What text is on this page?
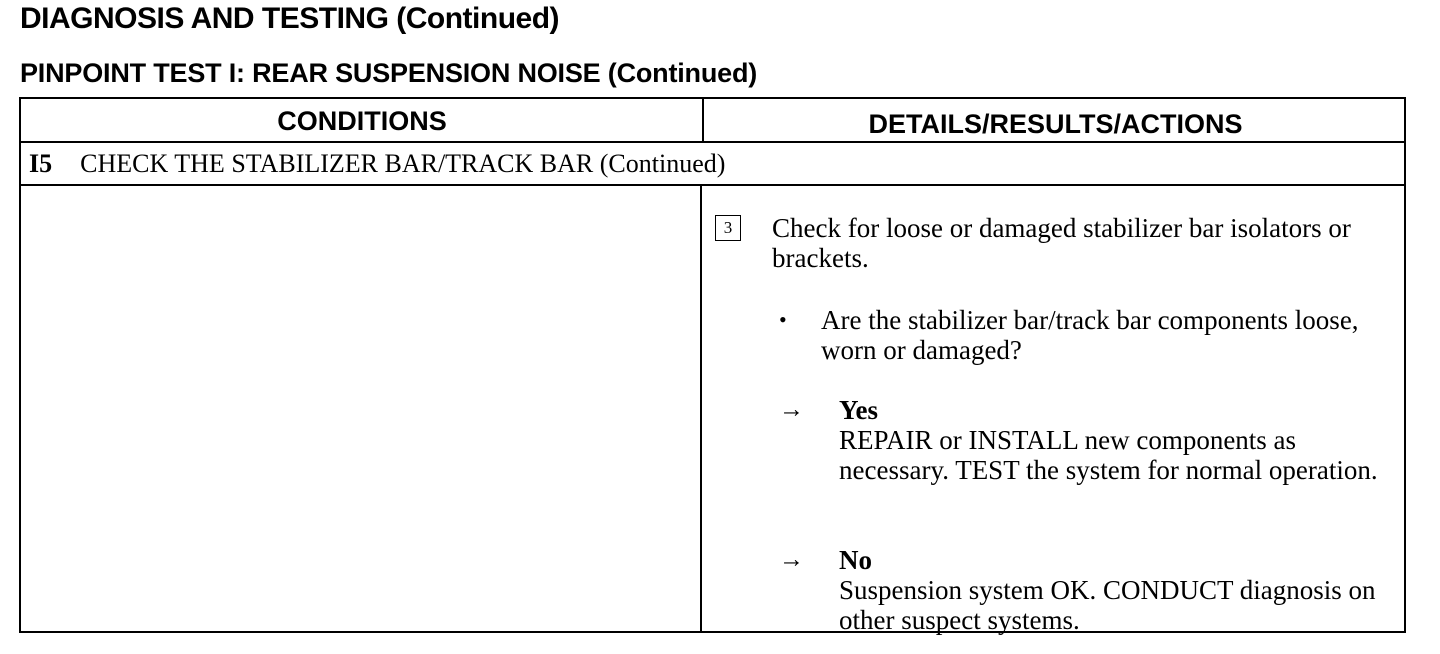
DIAGNOSIS AND TESTING (Continued)
PINPOINT TEST I: REAR SUSPENSION NOISE (Continued)
CONDITIONS	DETAILS/RESULTS/ACTIONS
I5 CHECK THE STABILIZER BAR/TRACK BAR (Continued)
3	Check for loose or damaged stabilizer bar isolators or brackets.
• Are the stabilizer bar/track bar components loose, worn or damaged?
→ Yes
REPAIR or INSTALL new components as necessary. TEST the system for normal operation.
→ No
Suspension system OK. CONDUCT diagnosis on other suspect systems.
